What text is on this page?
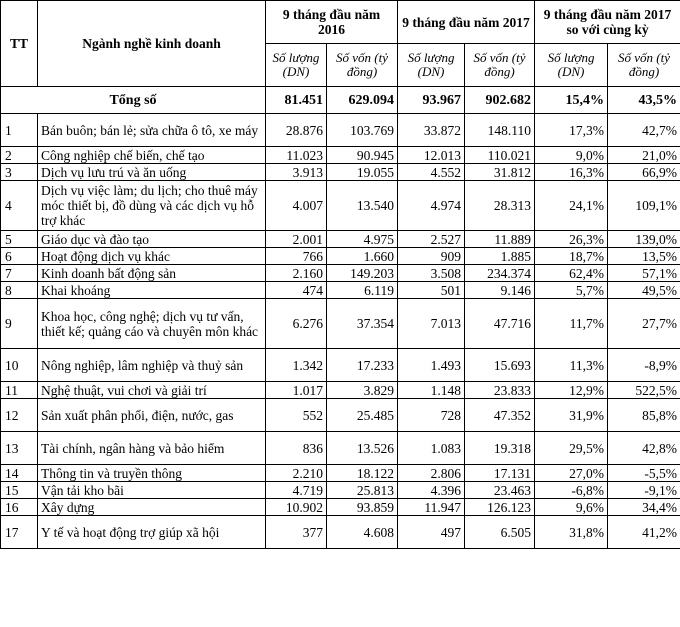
TT	Ngành nghề kinh doanh	9 tháng đầu năm 2016		9 tháng đầu năm 2017		9 tháng đầu năm 2017 so với cùng kỳ	
		Số lượng (DN)	Số vốn (tỷ đồng)	Số lượng (DN)	Số vốn (tỷ đồng)	Số lượng (DN)	Số vốn (tỷ đồng)
Tổng số		81.451	629.094	93.967	902.682	15,4%	43,5%
1	Bán buôn; bán lẻ; sửa chữa ô tô, xe máy	28.876	103.769	33.872	148.110	17,3%	42,7%
2	Công nghiệp chế biến, chế tạo	11.023	90.945	12.013	110.021	9,0%	21,0%
3	Dịch vụ lưu trú và ăn uống	3.913	19.055	4.552	31.812	16,3%	66,9%
4	Dịch vụ việc làm; du lịch; cho thuê máy móc thiết bị, đồ dùng và các dịch vụ hỗ trợ khác	4.007	13.540	4.974	28.313	24,1%	109,1%
5	Giáo dục và đào tạo	2.001	4.975	2.527	11.889	26,3%	139,0%
6	Hoạt động dịch vụ khác	766	1.660	909	1.885	18,7%	13,5%
7	Kinh doanh bất động sản	2.160	149.203	3.508	234.374	62,4%	57,1%
8	Khai khoáng	474	6.119	501	9.146	5,7%	49,5%
9	Khoa học, công nghệ; dịch vụ tư vấn, thiết kế; quảng cáo và chuyên môn khác	6.276	37.354	7.013	47.716	11,7%	27,7%
10	Nông nghiệp, lâm nghiệp và thuỷ sản	1.342	17.233	1.493	15.693	11,3%	-8,9%
11	Nghệ thuật, vui chơi và giải trí	1.017	3.829	1.148	23.833	12,9%	522,5%
12	Sản xuất phân phối, điện, nước, gas	552	25.485	728	47.352	31,9%	85,8%
13	Tài chính, ngân hàng và bảo hiểm	836	13.526	1.083	19.318	29,5%	42,8%
14	Thông tin và truyền thông	2.210	18.122	2.806	17.131	27,0%	-5,5%
15	Vận tải kho bãi	4.719	25.813	4.396	23.463	-6,8%	-9,1%
16	Xây dựng	10.902	93.859	11.947	126.123	9,6%	34,4%
17	Y tế và hoạt động trợ giúp xã hội	377	4.608	497	6.505	31,8%	41,2%
